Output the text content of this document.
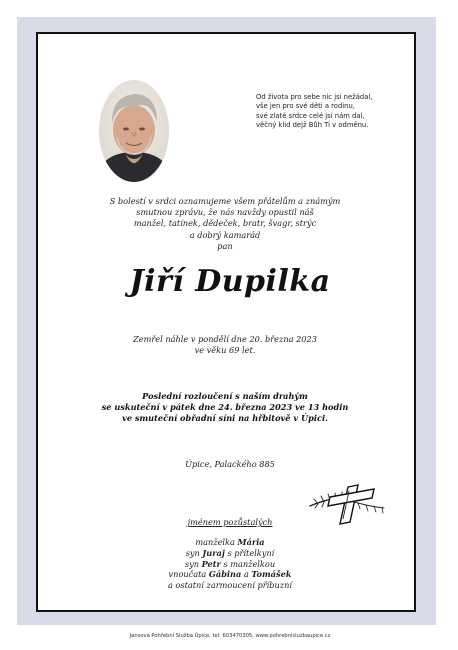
Od života pro sebe nic jsi nežádal,
vše jen pro své děti a rodinu,
své zlaté srdce celé jsi nám dal,
věčný klid dejž Bůh Ti v odměnu.
S bolestí v srdci oznamujeme všem přátelům a známým
smutnou zprávu, že nás navždy opustil náš
manžel, tatínek, dědeček, bratr, švagr, strýc
a dobrý kamarád
pan
Jiří Dupilka
Zemřel náhle v pondělí dne 20. března 2023
ve věku 69 let.
Poslední rozloučení s naším drahým
se uskuteční v pátek dne 24. března 2023 ve 13 hodin
ve smuteční obřadní síni na hřbitově v Úpici.
Úpice, Palackého 885
jménem pozůstalých
manželka Mária
syn Juraj s přítelkyní
syn Petr s manželkou
vnoučata Gábina a Tomášek
a ostatní zarmoucení příbuzní
Jansova Pohřební Služba Úpice, tel: 603470305, www.pohrebnisluzbaupice.cz
